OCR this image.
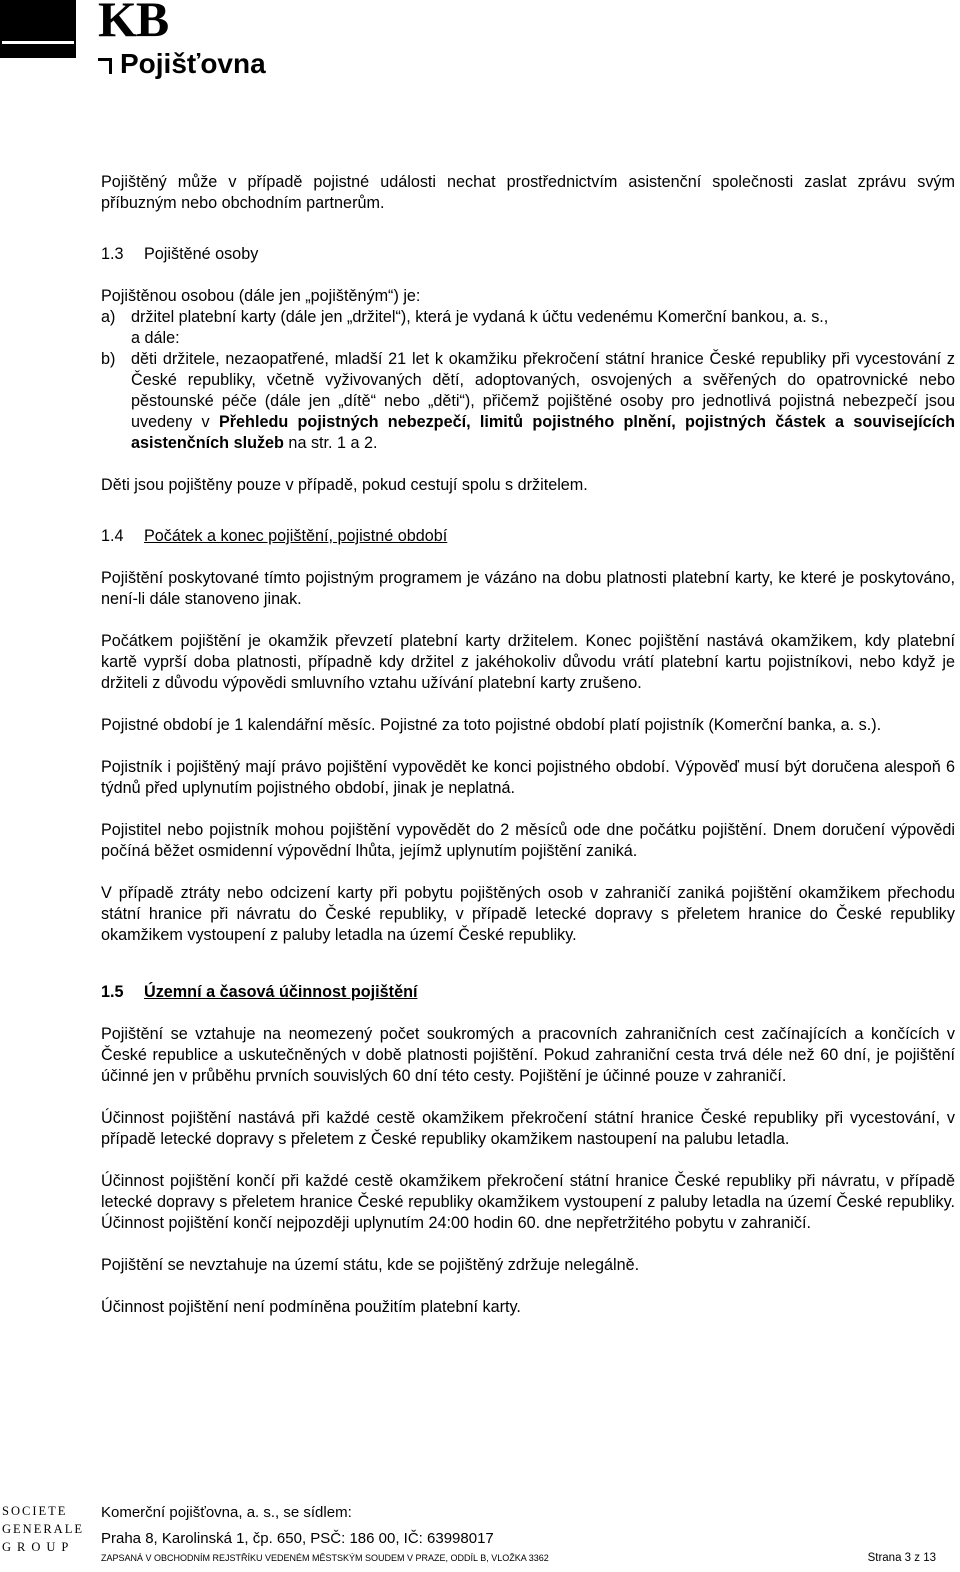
KB
Pojišťovna

Pojištěný může v případě pojistné události nechat prostřednictvím asistenční společnosti zaslat zprávu svým příbuzným nebo obchodním partnerům.

1.3 Pojištěné osoby

Pojištěnou osobou (dále jen „pojištěným“) je:

a) držitel platební karty (dále jen „držitel“), která je vydaná k účtu vedenému Komerční bankou, a. s.,

a dále:

b) děti držitele, nezaopatřené, mladší 21 let k okamžiku překročení státní hranice České republiky při vycestování z České republiky, včetně vyživovaných dětí, adoptovaných, osvojených a svěřených do opatrovnické nebo pěstounské péče (dále jen „dítě“ nebo „děti“), přičemž pojištěné osoby pro jednotlivá pojistná nebezpečí jsou uvedeny v Přehledu pojistných nebezpečí, limitů pojistného plnění, pojistných částek a souvisejících asistenčních služeb na str. 1 a 2.

Děti jsou pojištěny pouze v případě, pokud cestují spolu s držitelem.

1.4 Počátek a konec pojištění, pojistné období

Pojištění poskytované tímto pojistným programem je vázáno na dobu platnosti platební karty, ke které je poskytováno, není-li dále stanoveno jinak.

Počátkem pojištění je okamžik převzetí platební karty držitelem. Konec pojištění nastává okamžikem, kdy platební kartě vyprší doba platnosti, případně kdy držitel z jakéhokoliv důvodu vrátí platební kartu pojistníkovi, nebo když je držiteli z důvodu výpovědi smluvního vztahu užívání platební karty zrušeno.

Pojistné období je 1 kalendářní měsíc. Pojistné za toto pojistné období platí pojistník (Komerční banka, a. s.).

Pojistník i pojištěný mají právo pojištění vypovědět ke konci pojistného období. Výpověď musí být doručena alespoň 6 týdnů před uplynutím pojistného období, jinak je neplatná.

Pojistitel nebo pojistník mohou pojištění vypovědět do 2 měsíců ode dne počátku pojištění. Dnem doručení výpovědi počíná běžet osmidenní výpovědní lhůta, jejímž uplynutím pojištění zaniká.

V případě ztráty nebo odcizení karty při pobytu pojištěných osob v zahraničí zaniká pojištění okamžikem přechodu státní hranice při návratu do České republiky, v případě letecké dopravy s přeletem hranice do České republiky okamžikem vystoupení z paluby letadla na území České republiky.

1.5 Územní a časová účinnost pojištění

Pojištění se vztahuje na neomezený počet soukromých a pracovních zahraničních cest začínajících a končících v České republice a uskutečněných v době platnosti pojištění. Pokud zahraniční cesta trvá déle než 60 dní, je pojištění účinné jen v průběhu prvních souvislých 60 dní této cesty. Pojištění je účinné pouze v zahraničí.

Účinnost pojištění nastává při každé cestě okamžikem překročení státní hranice České republiky při vycestování, v případě letecké dopravy s přeletem z České republiky okamžikem nastoupení na palubu letadla.

Účinnost pojištění končí při každé cestě okamžikem překročení státní hranice České republiky při návratu, v případě letecké dopravy s přeletem hranice České republiky okamžikem vystoupení z paluby letadla na území České republiky. Účinnost pojištění končí nejpozději uplynutím 24:00 hodin 60. dne nepřetržitého pobytu v zahraničí.

Pojištění se nevztahuje na území státu, kde se pojištěný zdržuje nelegálně.

Účinnost pojištění není podmíněna použitím platební karty.

SOCIETE
GENERALE
GROUP
Komerční pojišťovna, a. s., se sídlem:
Praha 8, Karolinská 1, čp. 650, PSČ: 186 00, IČ: 63998017
ZAPSANÁ V OBCHODNÍM REJSTŘÍKU VEDENÉM MĚSTSKÝM SOUDEM V PRAZE, ODDÍL B, VLOŽKA 3362	Strana 3 z 13
